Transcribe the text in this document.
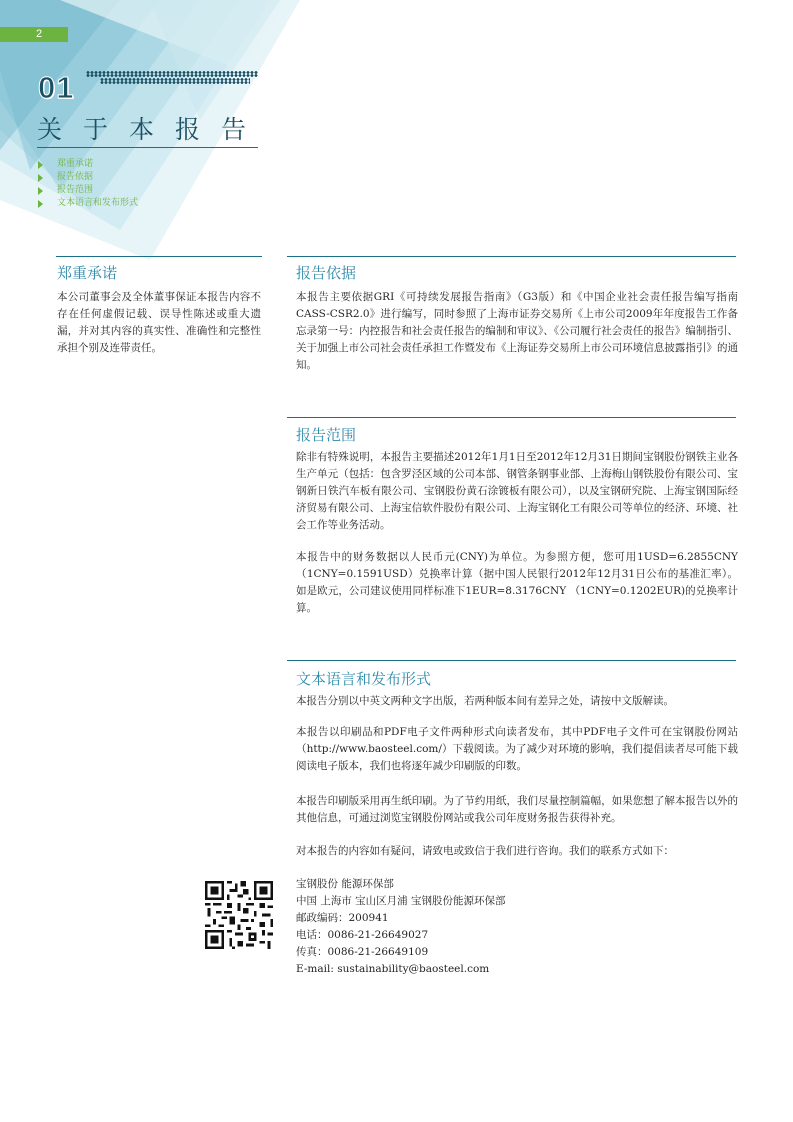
2
01
关于本报告
郑重承诺
报告依据
报告范围
文本语言和发布形式
郑重承诺

本公司董事会及全体董事保证本报告内容不存在任何虚假记载、误导性陈述或重大遗漏，并对其内容的真实性、准确性和完整性承担个别及连带责任。

报告依据

本报告主要依据GRI《可持续发展报告指南》（G3版）和《中国企业社会责任报告编写指南CASS-CSR2.0》进行编写，同时参照了上海市证券交易所《上市公司2009年年度报告工作备忘录第一号：内控报告和社会责任报告的编制和审议》、《公司履行社会责任的报告》编制指引、关于加强上市公司社会责任承担工作暨发布《上海证券交易所上市公司环境信息披露指引》的通知。

报告范围

除非有特殊说明，本报告主要描述2012年1月1日至2012年12月31日期间宝钢股份钢铁主业各生产单元（包括：包含罗泾区域的公司本部、钢管条钢事业部、上海梅山钢铁股份有限公司、宝钢新日铁汽车板有限公司、宝钢股份黄石涂镀板有限公司），以及宝钢研究院、上海宝钢国际经济贸易有限公司、上海宝信软件股份有限公司、上海宝钢化工有限公司等单位的经济、环境、社会工作等业务活动。

本报告中的财务数据以人民币元(CNY)为单位。为参照方便，您可用1USD=6.2855CNY（1CNY=0.1591USD）兑换率计算（据中国人民银行2012年12月31日公布的基准汇率）。如是欧元，公司建议使用同样标准下1EUR=8.3176CNY （1CNY=0.1202EUR)的兑换率计算。

文本语言和发布形式

本报告分别以中英文两种文字出版，若两种版本间有差异之处，请按中文版解读。

本报告以印刷品和PDF电子文件两种形式向读者发布，其中PDF电子文件可在宝钢股份网站（http://www.baosteel.com/）下载阅读。为了减少对环境的影响，我们提倡读者尽可能下载阅读电子版本，我们也将逐年减少印刷版的印数。

本报告印刷版采用再生纸印刷。为了节约用纸，我们尽量控制篇幅，如果您想了解本报告以外的其他信息，可通过浏览宝钢股份网站或我公司年度财务报告获得补充。

对本报告的内容如有疑问，请致电或致信于我们进行咨询。我们的联系方式如下：

宝钢股份 能源环保部
中国 上海市 宝山区月浦 宝钢股份能源环保部
邮政编码：200941
电话：0086-21-26649027
传真：0086-21-26649109
E-mail: sustainability@baosteel.com
